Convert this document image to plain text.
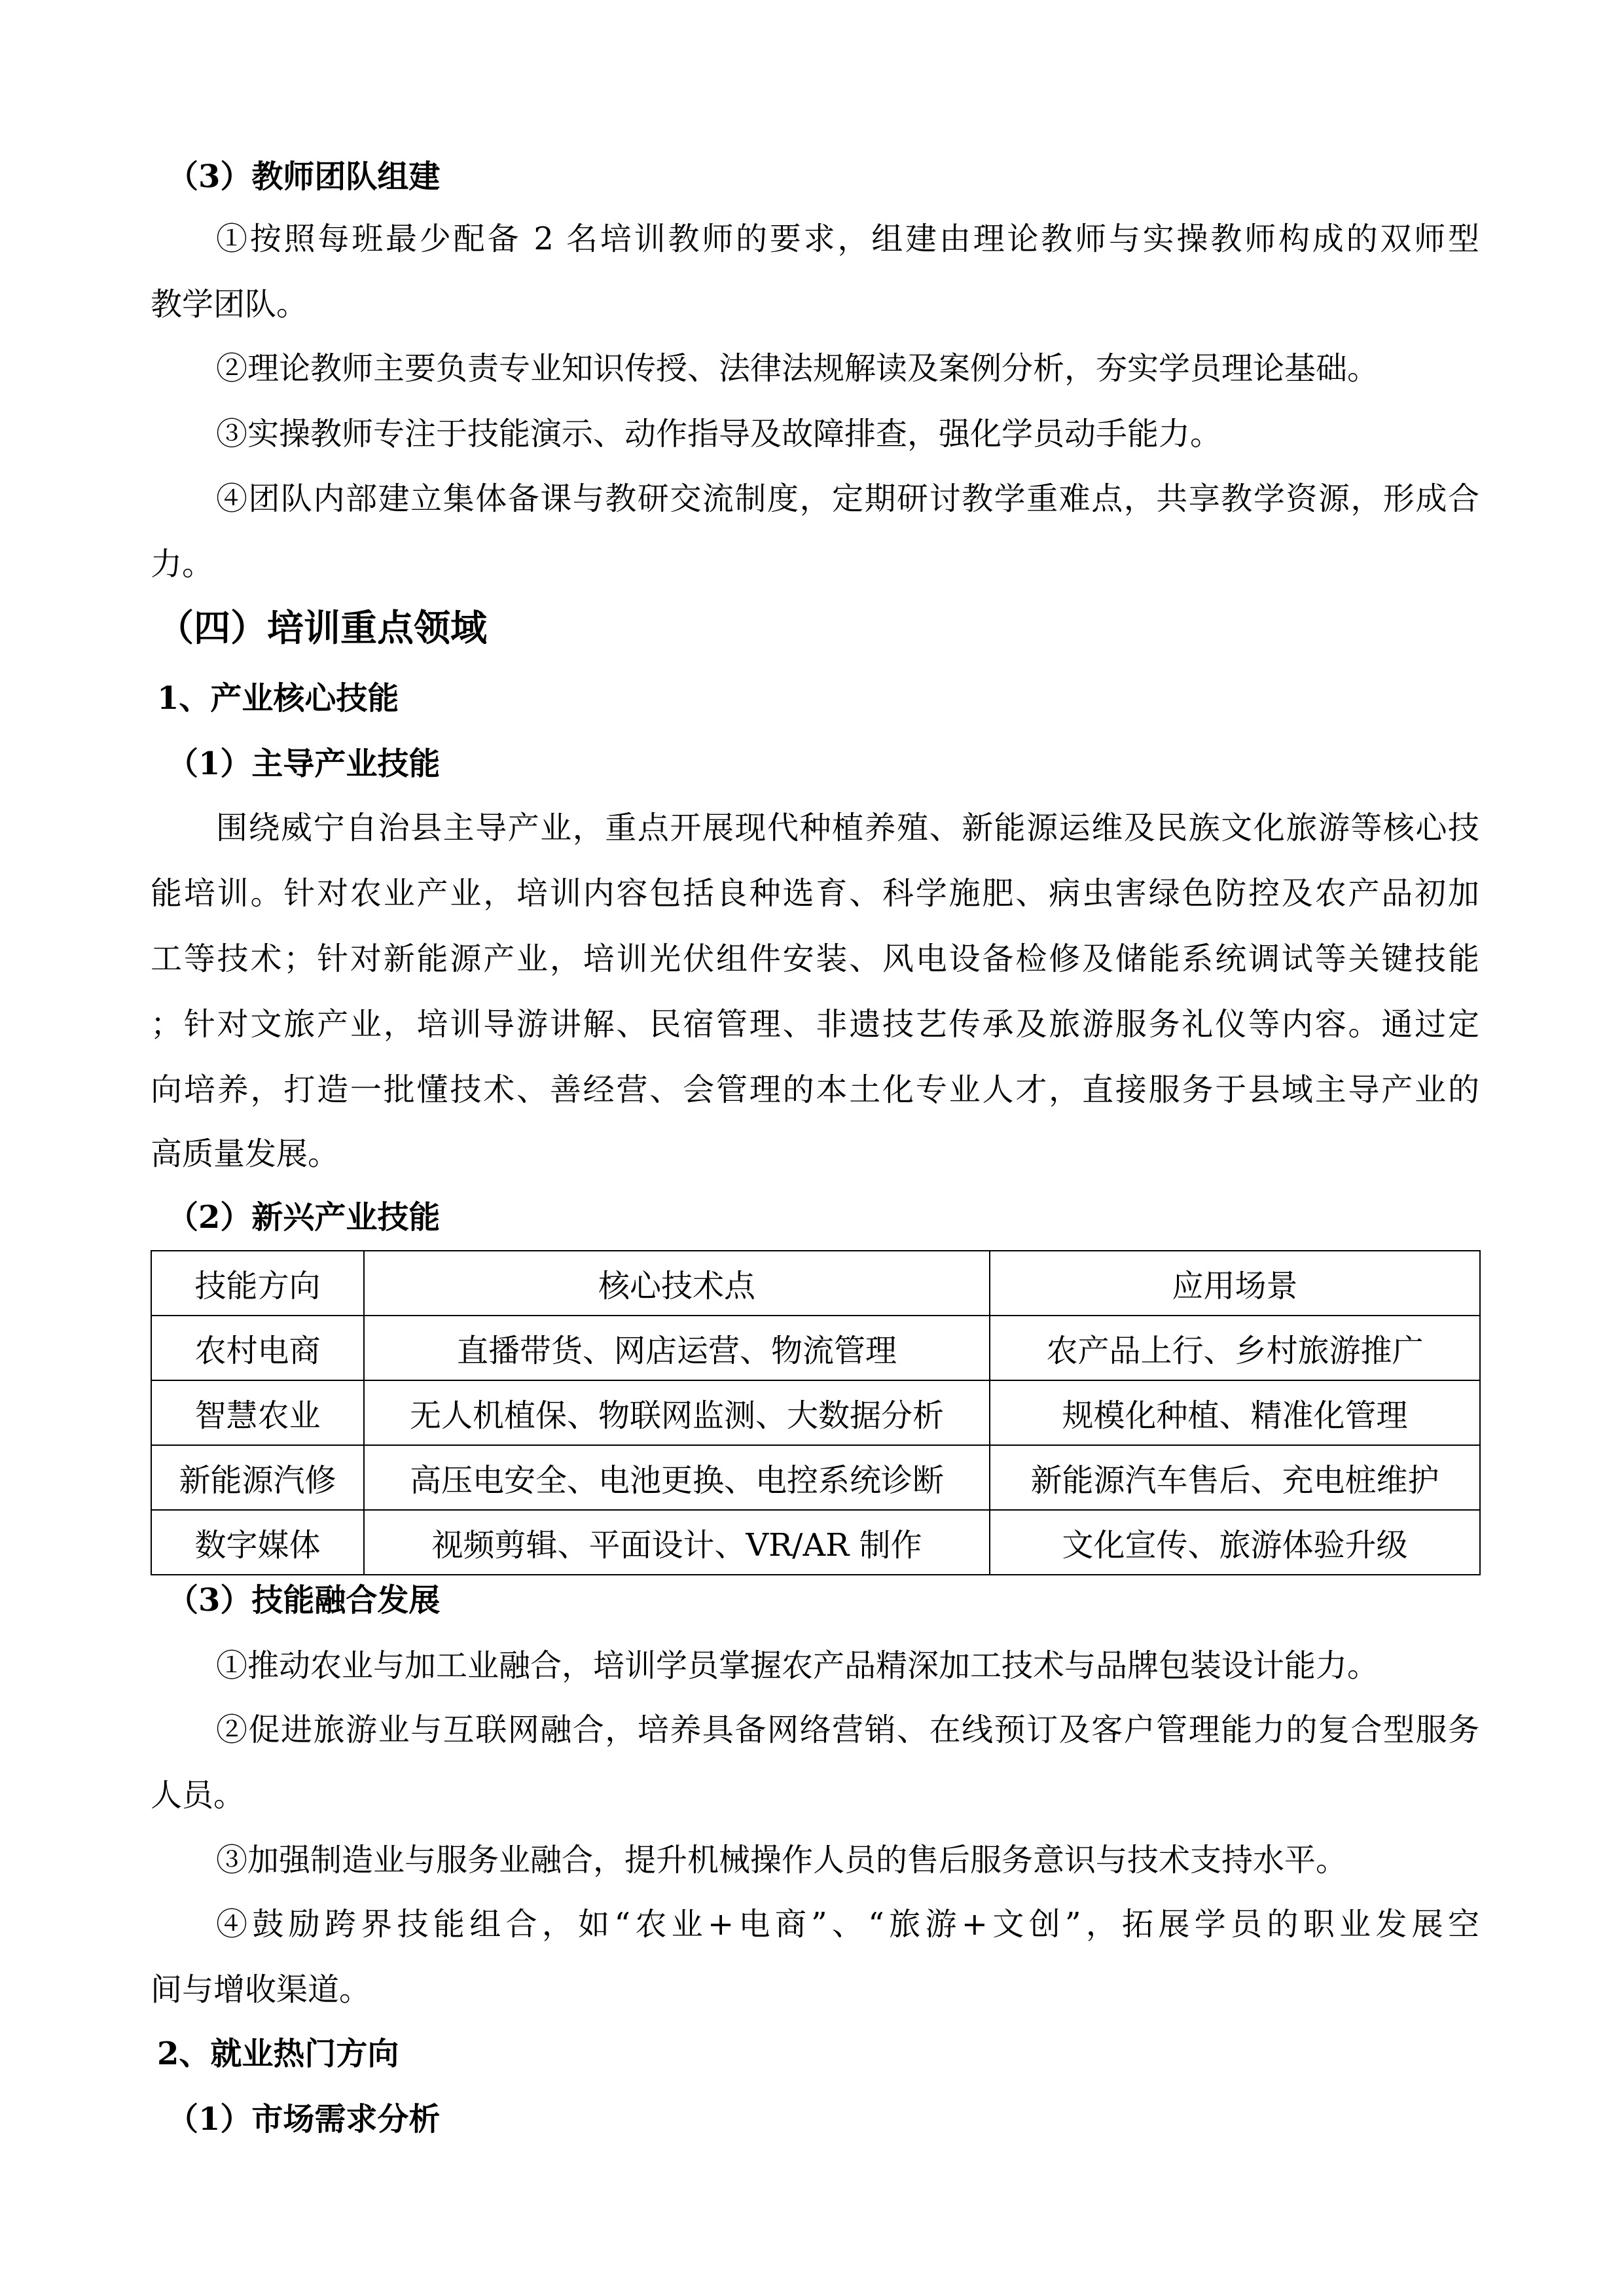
（3）教师团队组建
①按照每班最少配备 2 名培训教师的要求，组建由理论教师与实操教师构成的双师型
教学团队。
②理论教师主要负责专业知识传授、法律法规解读及案例分析，夯实学员理论基础。
③实操教师专注于技能演示、动作指导及故障排查，强化学员动手能力。
④团队内部建立集体备课与教研交流制度，定期研讨教学重难点，共享教学资源，形成合
力。
（四）培训重点领域
1、产业核心技能
（1）主导产业技能
围绕威宁自治县主导产业，重点开展现代种植养殖、新能源运维及民族文化旅游等核心技
能培训。针对农业产业，培训内容包括良种选育、科学施肥、病虫害绿色防控及农产品初加
工等技术；针对新能源产业，培训光伏组件安装、风电设备检修及储能系统调试等关键技能
；针对文旅产业，培训导游讲解、民宿管理、非遗技艺传承及旅游服务礼仪等内容。通过定
向培养，打造一批懂技术、善经营、会管理的本土化专业人才，直接服务于县域主导产业的
高质量发展。
（2）新兴产业技能
技能方向	核心技术点	应用场景
农村电商	直播带货、网店运营、物流管理	农产品上行、乡村旅游推广
智慧农业	无人机植保、物联网监测、大数据分析	规模化种植、精准化管理
新能源汽修	高压电安全、电池更换、电控系统诊断	新能源汽车售后、充电桩维护
数字媒体	视频剪辑、平面设计、VR/AR 制作	文化宣传、旅游体验升级
（3）技能融合发展
①推动农业与加工业融合，培训学员掌握农产品精深加工技术与品牌包装设计能力。
②促进旅游业与互联网融合，培养具备网络营销、在线预订及客户管理能力的复合型服务
人员。
③加强制造业与服务业融合，提升机械操作人员的售后服务意识与技术支持水平。
④鼓励跨界技能组合，如“农业+电商”、“旅游+文创”，拓展学员的职业发展空
间与增收渠道。
2、就业热门方向
（1）市场需求分析
